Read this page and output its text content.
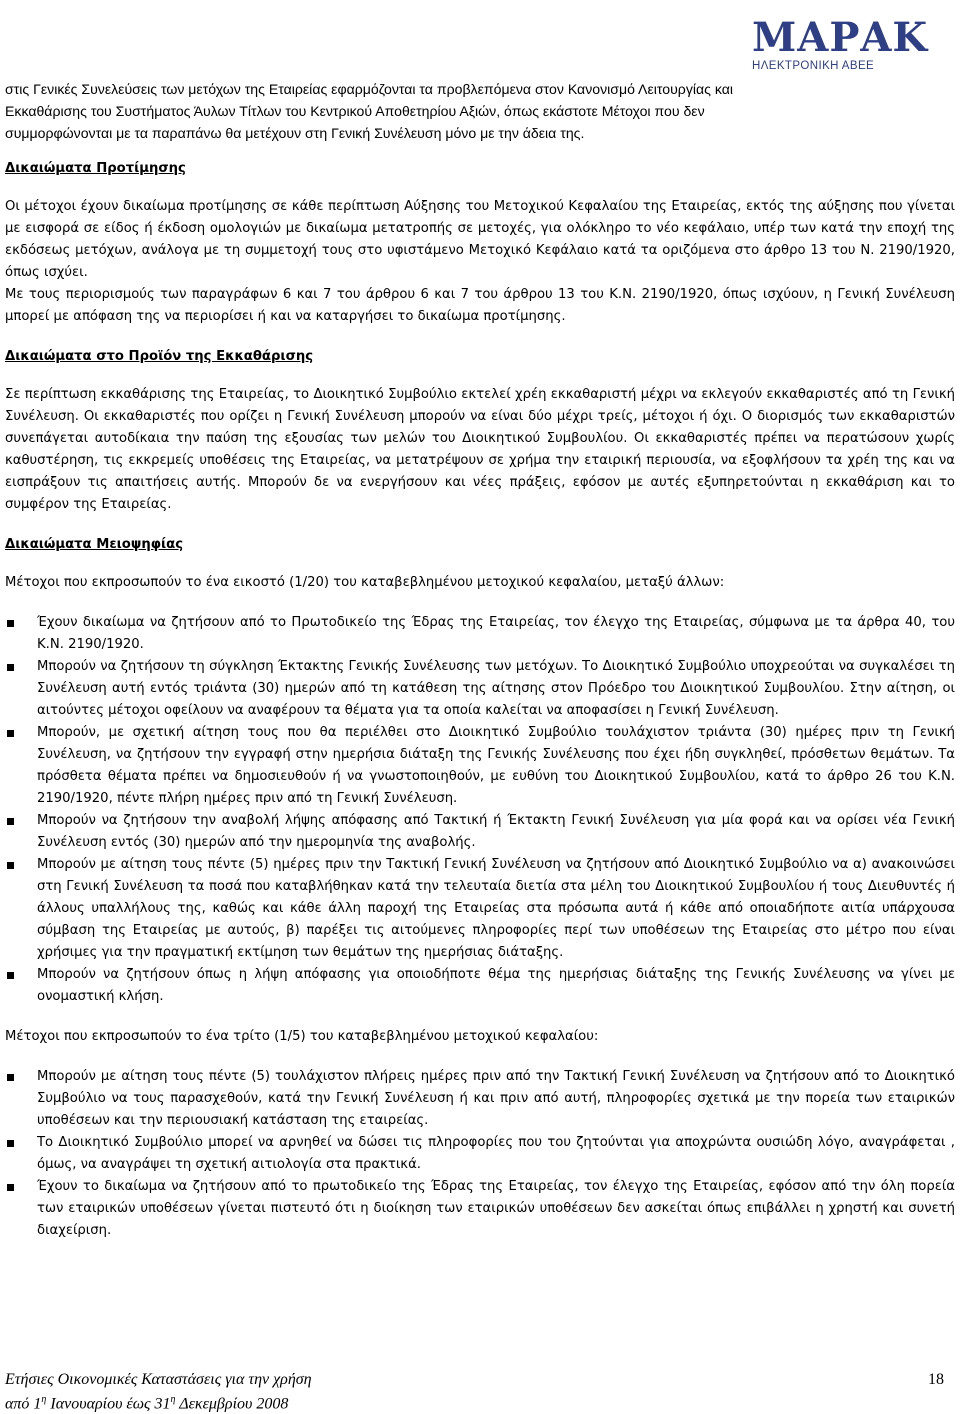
ΜΑΡΑΚ
ΗΛΕΚΤΡΟΝΙΚΗ ΑΒΕΕ
στις Γενικές Συνελεύσεις των μετόχων της Εταιρείας εφαρμόζονται τα προβλεπόμενα στον Κανονισμό Λειτουργίας και
Εκκαθάρισης του Συστήματος Άυλων Τίτλων του Κεντρικού Αποθετηρίου Αξιών, όπως εκάστοτε Μέτοχοι που δεν
συμμορφώνονται με τα παραπάνω θα μετέχουν στη Γενική Συνέλευση μόνο με την άδεια της.
Δικαιώματα Προτίμησης

Οι μέτοχοι έχουν δικαίωμα προτίμησης σε κάθε περίπτωση Αύξησης του Μετοχικού Κεφαλαίου της Εταιρείας, εκτός της αύξησης που γίνεται με εισφορά σε είδος ή έκδοση ομολογιών με δικαίωμα μετατροπής σε μετοχές, για ολόκληρο το νέο κεφάλαιο, υπέρ των κατά την εποχή της εκδόσεως μετόχων, ανάλογα με τη συμμετοχή τους στο υφιστάμενο Μετοχικό Κεφάλαιο κατά τα οριζόμενα στο άρθρο 13 του Ν. 2190/1920, όπως ισχύει.

Με τους περιορισμούς των παραγράφων 6 και 7 του άρθρου 6 και 7 του άρθρου 13 του Κ.Ν. 2190/1920, όπως ισχύουν, η Γενική Συνέλευση μπορεί με απόφαση της να περιορίσει ή και να καταργήσει το δικαίωμα προτίμησης.

Δικαιώματα στο Προϊόν της Εκκαθάρισης

Σε περίπτωση εκκαθάρισης της Εταιρείας, το Διοικητικό Συμβούλιο εκτελεί χρέη εκκαθαριστή μέχρι να εκλεγούν εκκαθαριστές από τη Γενική Συνέλευση. Οι εκκαθαριστές που ορίζει η Γενική Συνέλευση μπορούν να είναι δύο μέχρι τρείς, μέτοχοι ή όχι. Ο διορισμός των εκκαθαριστών συνεπάγεται αυτοδίκαια την παύση της εξουσίας των μελών του Διοικητικού Συμβουλίου. Οι εκκαθαριστές πρέπει να περατώσουν χωρίς καθυστέρηση, τις εκκρεμείς υποθέσεις της Εταιρείας, να μετατρέψουν σε χρήμα την εταιρική περιουσία, να εξοφλήσουν τα χρέη της και να εισπράξουν τις απαιτήσεις αυτής. Μπορούν δε να ενεργήσουν και νέες πράξεις, εφόσον με αυτές εξυπηρετούνται η εκκαθάριση και το συμφέρον της Εταιρείας.

Δικαιώματα Μειοψηφίας

Μέτοχοι που εκπροσωπούν το ένα εικοστό (1/20) του καταβεβλημένου μετοχικού κεφαλαίου, μεταξύ άλλων:

Έχουν δικαίωμα να ζητήσουν από το Πρωτοδικείο της Έδρας της Εταιρείας, τον έλεγχο της Εταιρείας, σύμφωνα με τα άρθρα 40, του Κ.Ν. 2190/1920.
Μπορούν να ζητήσουν τη σύγκληση Έκτακτης Γενικής Συνέλευσης των μετόχων. Το Διοικητικό Συμβούλιο υποχρεούται να συγκαλέσει τη Συνέλευση αυτή εντός τριάντα (30) ημερών από τη κατάθεση της αίτησης στον Πρόεδρο του Διοικητικού Συμβουλίου. Στην αίτηση, οι αιτούντες μέτοχοι οφείλουν να αναφέρουν τα θέματα για τα οποία καλείται να αποφασίσει η Γενική Συνέλευση.
Μπορούν, με σχετική αίτηση τους που θα περιέλθει στο Διοικητικό Συμβούλιο τουλάχιστον τριάντα (30) ημέρες πριν τη Γενική Συνέλευση, να ζητήσουν την εγγραφή στην ημερήσια διάταξη της Γενικής Συνέλευσης που έχει ήδη συγκληθεί, πρόσθετων θεμάτων. Τα πρόσθετα θέματα πρέπει να δημοσιευθούν ή να γνωστοποιηθούν, με ευθύνη του Διοικητικού Συμβουλίου, κατά το άρθρο 26 του Κ.Ν. 2190/1920, πέντε πλήρη ημέρες πριν από τη Γενική Συνέλευση.
Μπορούν να ζητήσουν την αναβολή λήψης απόφασης από Τακτική ή Έκτακτη Γενική Συνέλευση για μία φορά και να ορίσει νέα Γενική Συνέλευση εντός (30) ημερών από την ημερομηνία της αναβολής.
Μπορούν με αίτηση τους πέντε (5) ημέρες πριν την Τακτική Γενική Συνέλευση να ζητήσουν από Διοικητικό Συμβούλιο να α) ανακοινώσει στη Γενική Συνέλευση τα ποσά που καταβλήθηκαν κατά την τελευταία διετία στα μέλη του Διοικητικού Συμβουλίου ή τους Διευθυντές ή άλλους υπαλλήλους της, καθώς και κάθε άλλη παροχή της Εταιρείας στα πρόσωπα αυτά ή κάθε από οποιαδήποτε αιτία υπάρχουσα σύμβαση της Εταιρείας με αυτούς, β) παρέξει τις αιτούμενες πληροφορίες περί των υποθέσεων της Εταιρείας στο μέτρο που είναι χρήσιμες για την πραγματική εκτίμηση των θεμάτων της ημερήσιας διάταξης.
Μπορούν να ζητήσουν όπως η λήψη απόφασης για οποιοδήποτε θέμα της ημερήσιας διάταξης της Γενικής Συνέλευσης να γίνει με ονομαστική κλήση.

Μέτοχοι που εκπροσωπούν το ένα τρίτο (1/5) του καταβεβλημένου μετοχικού κεφαλαίου:

Μπορούν με αίτηση τους πέντε (5) τουλάχιστον πλήρεις ημέρες πριν από την Τακτική Γενική Συνέλευση να ζητήσουν από το Διοικητικό Συμβούλιο να τους παρασχεθούν, κατά την Γενική Συνέλευση ή και πριν από αυτή, πληροφορίες σχετικά με την πορεία των εταιρικών υποθέσεων και την περιουσιακή κατάσταση της εταιρείας.
Το Διοικητικό Συμβούλιο μπορεί να αρνηθεί να δώσει τις πληροφορίες που του ζητούνται για αποχρώντα ουσιώδη λόγο, αναγράφεται , όμως, να αναγράψει τη σχετική αιτιολογία στα πρακτικά.
Έχουν το δικαίωμα να ζητήσουν από το πρωτοδικείο της Έδρας της Εταιρείας, τον έλεγχο της Εταιρείας, εφόσον από την όλη πορεία των εταιρικών υποθέσεων γίνεται πιστευτό ότι η διοίκηση των εταιρικών υποθέσεων δεν ασκείται όπως επιβάλλει η χρηστή και συνετή διαχείριση.
Ετήσιες Οικονομικές Καταστάσεις για την χρήση
από $1^\eta$ Ιανουαρίου έως $31^\eta$ Δεκεμβρίου 2008
18
